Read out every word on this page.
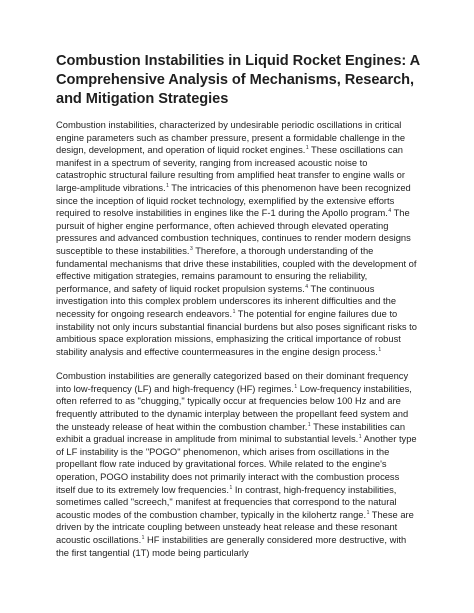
Combustion Instabilities in Liquid Rocket Engines: A Comprehensive Analysis of Mechanisms, Research, and Mitigation Strategies

Combustion instabilities, characterized by undesirable periodic oscillations in critical engine parameters such as chamber pressure, present a formidable challenge in the design, development, and operation of liquid rocket engines.$^1$ These oscillations can manifest in a spectrum of severity, ranging from increased acoustic noise to catastrophic structural failure resulting from amplified heat transfer to engine walls or large-amplitude vibrations.$^1$ The intricacies of this phenomenon have been recognized since the inception of liquid rocket technology, exemplified by the extensive efforts required to resolve instabilities in engines like the F-1 during the Apollo program.$^4$ The pursuit of higher engine performance, often achieved through elevated operating pressures and advanced combustion techniques, continues to render modern designs susceptible to these instabilities.$^3$ Therefore, a thorough understanding of the fundamental mechanisms that drive these instabilities, coupled with the development of effective mitigation strategies, remains paramount to ensuring the reliability, performance, and safety of liquid rocket propulsion systems.$^4$ The continuous investigation into this complex problem underscores its inherent difficulties and the necessity for ongoing research endeavors.$^1$ The potential for engine failures due to instability not only incurs substantial financial burdens but also poses significant risks to ambitious space exploration missions, emphasizing the critical importance of robust stability analysis and effective countermeasures in the engine design process.$^1$

Combustion instabilities are generally categorized based on their dominant frequency into low-frequency (LF) and high-frequency (HF) regimes.$^1$ Low-frequency instabilities, often referred to as "chugging," typically occur at frequencies below 100 Hz and are frequently attributed to the dynamic interplay between the propellant feed system and the unsteady release of heat within the combustion chamber.$^1$ These instabilities can exhibit a gradual increase in amplitude from minimal to substantial levels.$^1$ Another type of LF instability is the "POGO" phenomenon, which arises from oscillations in the propellant flow rate induced by gravitational forces. While related to the engine's operation, POGO instability does not primarily interact with the combustion process itself due to its extremely low frequencies.$^1$ In contrast, high-frequency instabilities, sometimes called "screech," manifest at frequencies that correspond to the natural acoustic modes of the combustion chamber, typically in the kilohertz range.$^1$ These are driven by the intricate coupling between unsteady heat release and these resonant acoustic oscillations.$^1$ HF instabilities are generally considered more destructive, with the first tangential (1T) mode being particularly
